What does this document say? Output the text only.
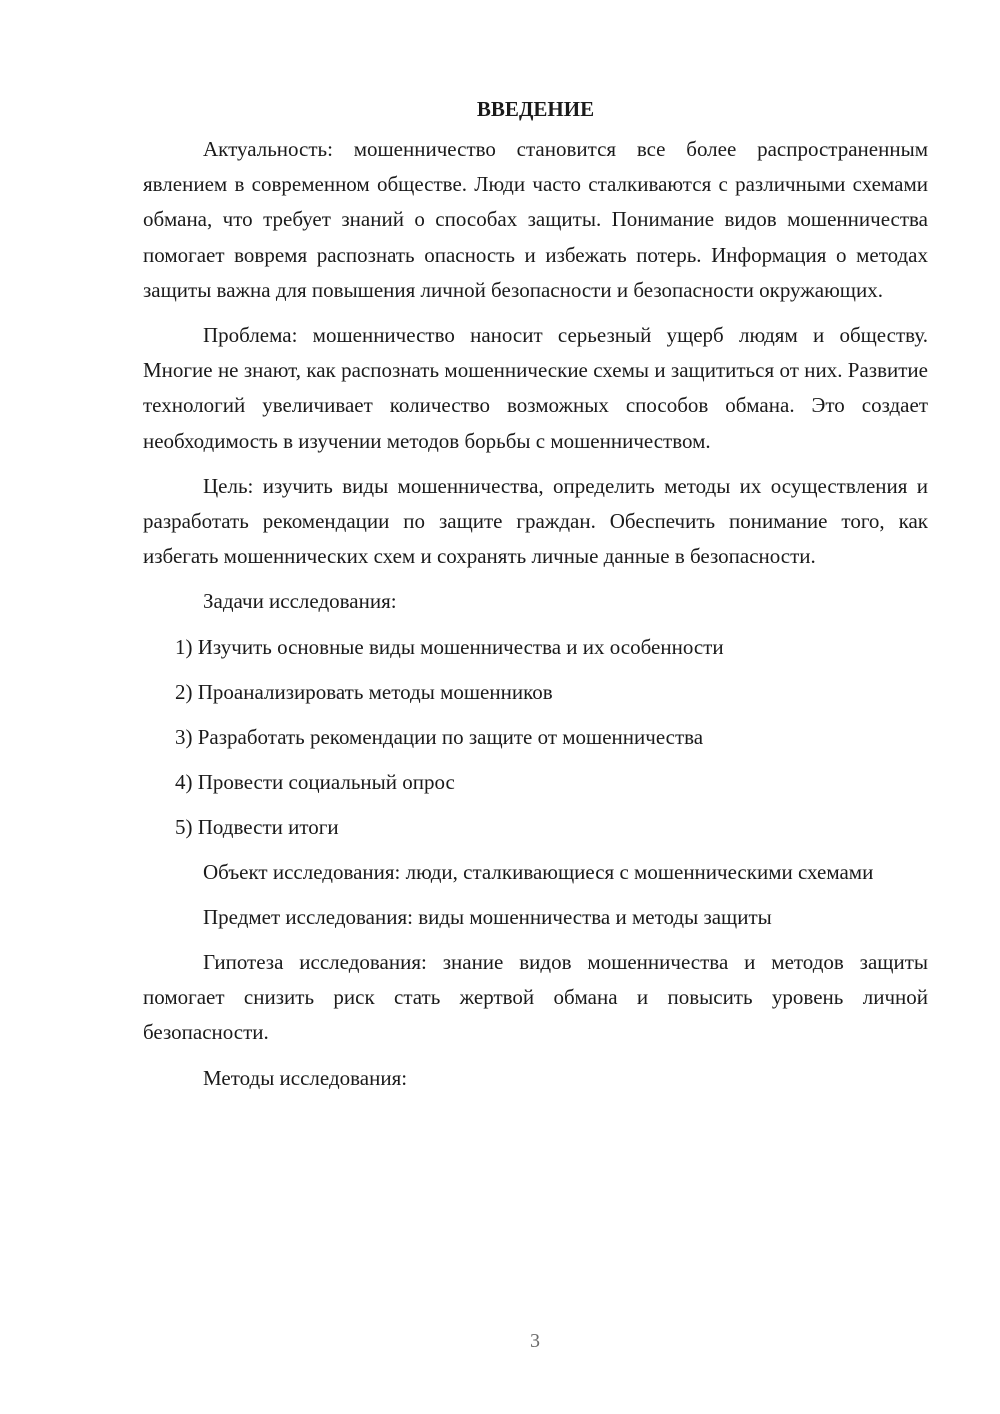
ВВЕДЕНИЕ

Актуальность: мошенничество становится все более распространенным явлением в современном обществе. Люди часто сталкиваются с различными схемами обмана, что требует знаний о способах защиты. Понимание видов мошенничества помогает вовремя распознать опасность и избежать потерь. Информация о методах защиты важна для повышения личной безопасности и безопасности окружающих.

Проблема: мошенничество наносит серьезный ущерб людям и обществу. Многие не знают, как распознать мошеннические схемы и защититься от них. Развитие технологий увеличивает количество возможных способов обмана. Это создает необходимость в изучении методов борьбы с мошенничеством.

Цель: изучить виды мошенничества, определить методы их осуществления и разработать рекомендации по защите граждан. Обеспечить понимание того, как избегать мошеннических схем и сохранять личные данные в безопасности.

Задачи исследования:

1) Изучить основные виды мошенничества и их особенности
2) Проанализировать методы мошенников
3) Разработать рекомендации по защите от мошенничества
4) Провести социальный опрос
5) Подвести итоги

Объект исследования: люди, сталкивающиеся с мошенническими схемами

Предмет исследования: виды мошенничества и методы защиты

Гипотеза исследования: знание видов мошенничества и методов защиты помогает снизить риск стать жертвой обмана и повысить уровень личной безопасности.

Методы исследования:

3
